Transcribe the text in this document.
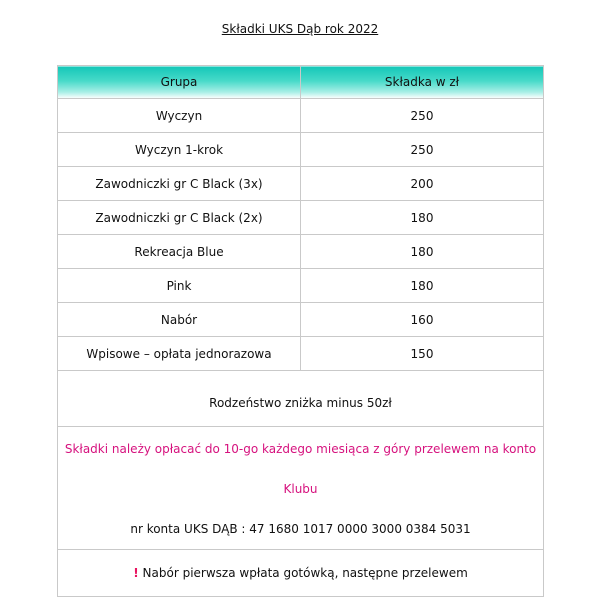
Składki UKS Dąb rok 2022
Grupa	Składka w zł
Wyczyn	250
Wyczyn 1-krok	250
Zawodniczki gr C Black (3x)	200
Zawodniczki gr C Black (2x)	180
Rekreacja Blue	180
Pink	180
Nabór	160
Wpisowe – opłata jednorazowa	150
Rodzeństwo zniżka minus 50zł	

Składki należy opłacać do 10-go każdego miesiąca z góry przelewem na konto Klubu
nr konta UKS DĄB : 47 1680 1017 0000 3000 0384 5031	

! Nabór pierwsza wpłata gotówką, następne przelewem	
